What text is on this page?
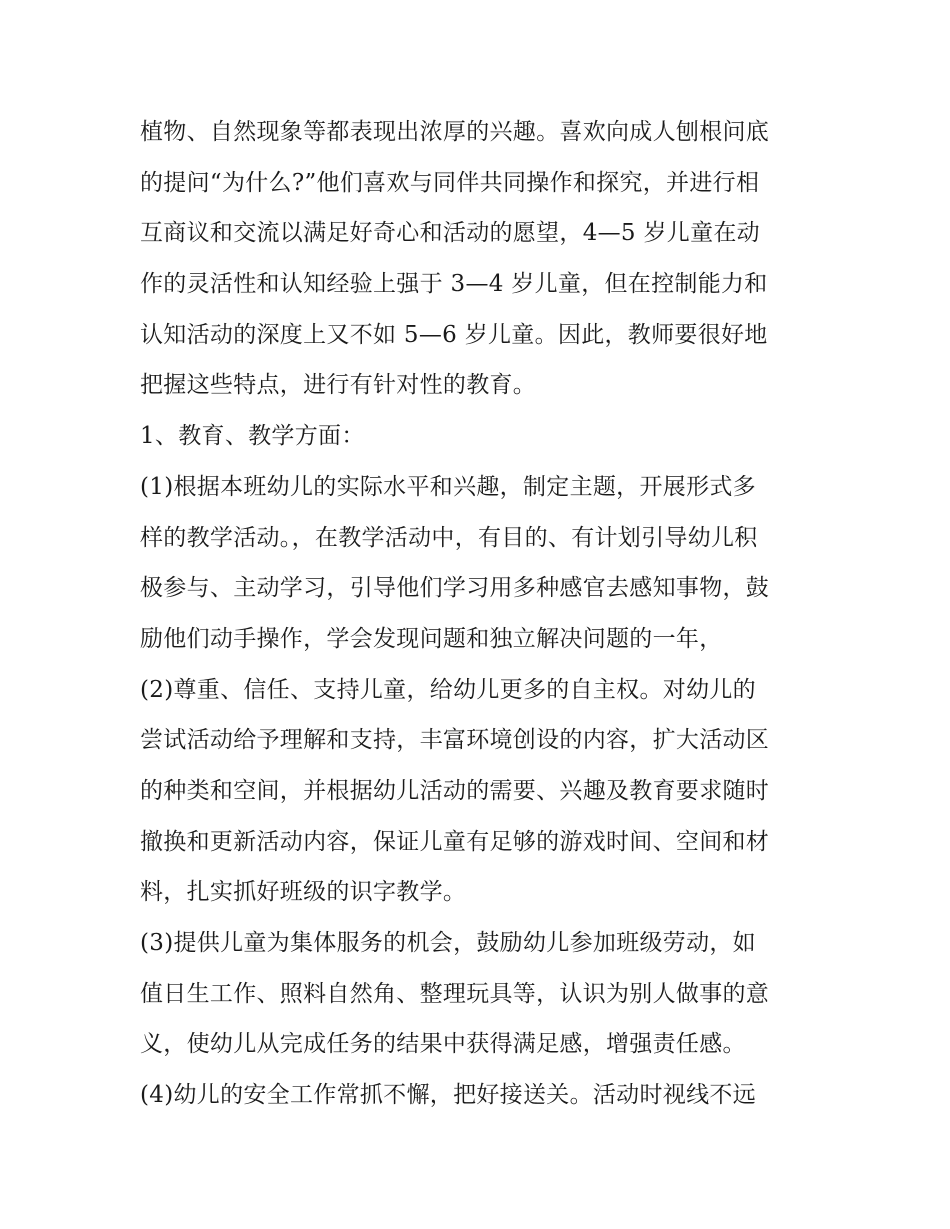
植物、自然现象等都表现出浓厚的兴趣。喜欢向成人刨根问底
的提问“为什么?”他们喜欢与同伴共同操作和探究，并进行相
互商议和交流以满足好奇心和活动的愿望，4—5 岁儿童在动
作的灵活性和认知经验上强于 3—4 岁儿童，但在控制能力和
认知活动的深度上又不如 5—6 岁儿童。因此，教师要很好地
把握这些特点，进行有针对性的教育。
1、教育、教学方面：
(1)根据本班幼儿的实际水平和兴趣，制定主题，开展形式多
样的教学活动。，在教学活动中，有目的、有计划引导幼儿积
极参与、主动学习，引导他们学习用多种感官去感知事物，鼓
励他们动手操作，学会发现问题和独立解决问题的一年，
(2)尊重、信任、支持儿童，给幼儿更多的自主权。对幼儿的
尝试活动给予理解和支持，丰富环境创设的内容，扩大活动区
的种类和空间，并根据幼儿活动的需要、兴趣及教育要求随时
撤换和更新活动内容，保证儿童有足够的游戏时间、空间和材
料，扎实抓好班级的识字教学。
(3)提供儿童为集体服务的机会，鼓励幼儿参加班级劳动，如
值日生工作、照料自然角、整理玩具等，认识为别人做事的意
义，使幼儿从完成任务的结果中获得满足感，增强责任感。
(4)幼儿的安全工作常抓不懈，把好接送关。活动时视线不远
